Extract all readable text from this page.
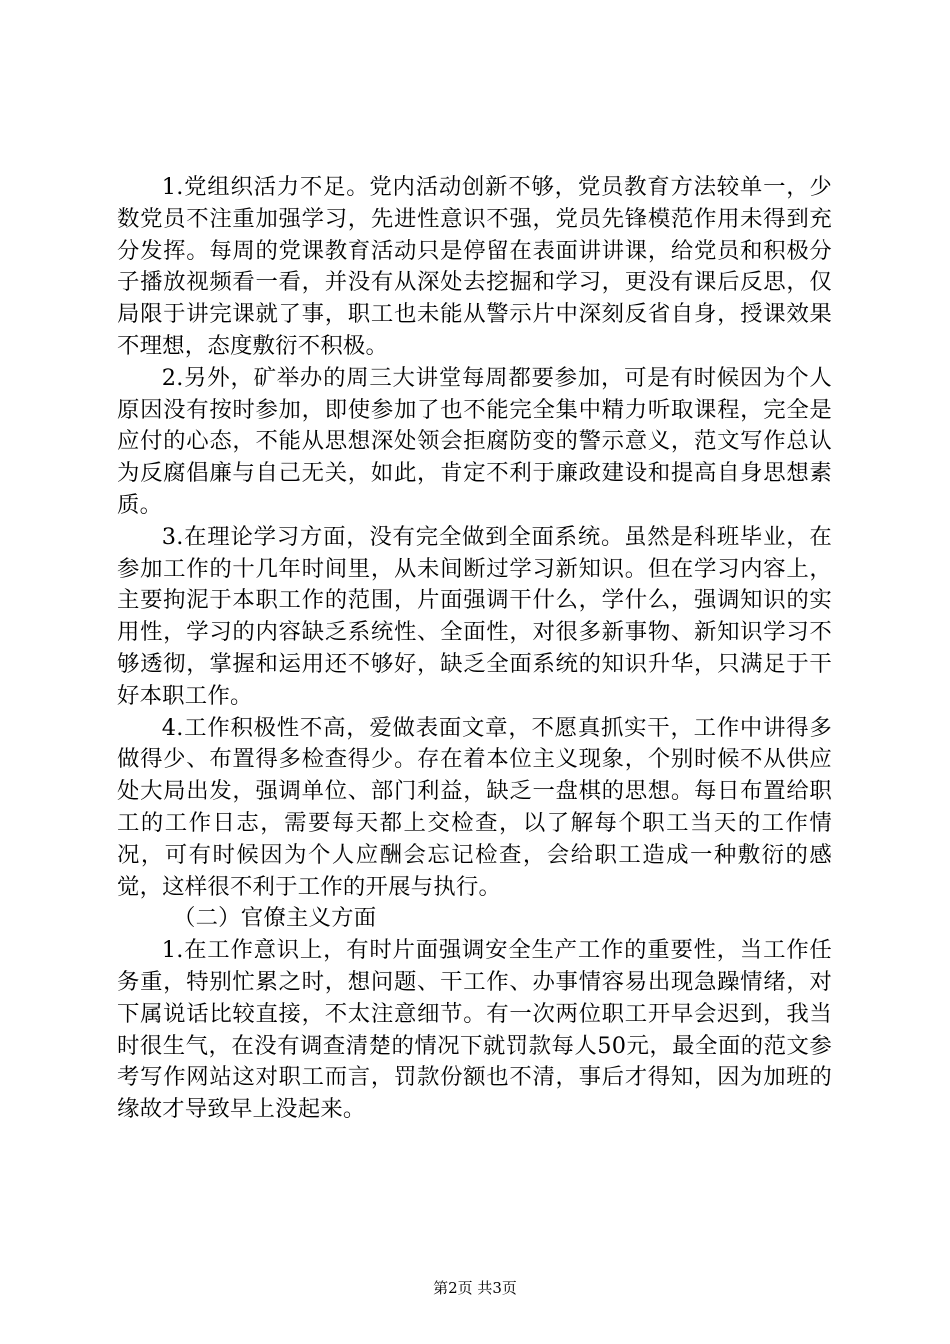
1.党组织活力不足。党内活动创新不够，党员教育方法较单一，少数党员不注重加强学习，先进性意识不强，党员先锋模范作用未得到充分发挥。每周的党课教育活动只是停留在表面讲讲课，给党员和积极分子播放视频看一看，并没有从深处去挖掘和学习，更没有课后反思，仅局限于讲完课就了事，职工也未能从警示片中深刻反省自身，授课效果不理想，态度敷衍不积极。

2.另外，矿举办的周三大讲堂每周都要参加，可是有时候因为个人原因没有按时参加，即使参加了也不能完全集中精力听取课程，完全是应付的心态，不能从思想深处领会拒腐防变的警示意义，范文写作总认为反腐倡廉与自己无关，如此，肯定不利于廉政建设和提高自身思想素质。

3.在理论学习方面，没有完全做到全面系统。虽然是科班毕业，在参加工作的十几年时间里，从未间断过学习新知识。但在学习内容上，主要拘泥于本职工作的范围，片面强调干什么，学什么，强调知识的实用性，学习的内容缺乏系统性、全面性，对很多新事物、新知识学习不够透彻，掌握和运用还不够好，缺乏全面系统的知识升华，只满足于干好本职工作。

4.工作积极性不高，爱做表面文章，不愿真抓实干，工作中讲得多做得少、布置得多检查得少。存在着本位主义现象，个别时候不从供应处大局出发，强调单位、部门利益，缺乏一盘棋的思想。每日布置给职工的工作日志，需要每天都上交检查，以了解每个职工当天的工作情况，可有时候因为个人应酬会忘记检查，会给职工造成一种敷衍的感觉，这样很不利于工作的开展与执行。

（二）官僚主义方面

1.在工作意识上，有时片面强调安全生产工作的重要性，当工作任务重，特别忙累之时，想问题、干工作、办事情容易出现急躁情绪，对下属说话比较直接，不太注意细节。有一次两位职工开早会迟到，我当时很生气，在没有调查清楚的情况下就罚款每人50元，最全面的范文参考写作网站这对职工而言，罚款份额也不清，事后才得知，因为加班的缘故才导致早上没起来。

第2页 共3页
